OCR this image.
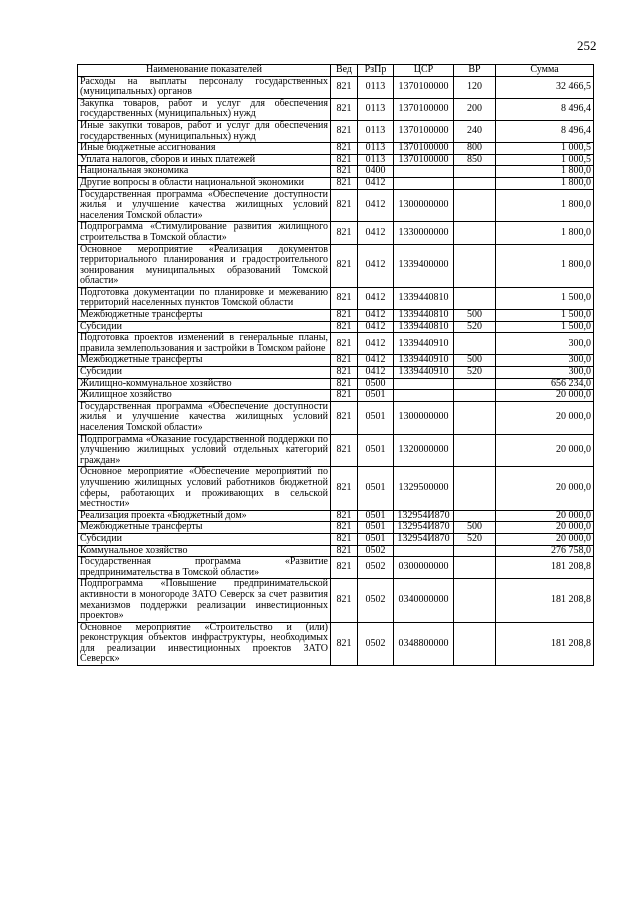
252
Наименование показателей	Вед	РзПр	ЦСР	ВР	Сумма
Расходы на выплаты персоналу государственных (муниципальных) органов	821	0113	1370100000	120	32 466,5
Закупка товаров, работ и услуг для обеспечения государственных (муниципальных) нужд	821	0113	1370100000	200	8 496,4
Иные закупки товаров, работ и услуг для обеспечения государственных (муниципальных) нужд	821	0113	1370100000	240	8 496,4
Иные бюджетные ассигнования	821	0113	1370100000	800	1 000,5
Уплата налогов, сборов и иных платежей	821	0113	1370100000	850	1 000,5
Национальная экономика	821	0400			1 800,0
Другие вопросы в области национальной экономики	821	0412			1 800,0
Государственная программа «Обеспечение доступности жилья и улучшение качества жилищных условий населения Томской области»	821	0412	1300000000		1 800,0
Подпрограмма «Стимулирование развития жилищного строительства в Томской области»	821	0412	1330000000		1 800,0
Основное мероприятие «Реализация документов территориального планирования и градостроительного зонирования муниципальных образований Томской области»	821	0412	1339400000		1 800,0
Подготовка документации по планировке и межеванию территорий населенных пунктов Томской области	821	0412	1339440810		1 500,0
Межбюджетные трансферты	821	0412	1339440810	500	1 500,0
Субсидии	821	0412	1339440810	520	1 500,0
Подготовка проектов изменений в генеральные планы, правила землепользования и застройки в Томском районе	821	0412	1339440910		300,0
Межбюджетные трансферты	821	0412	1339440910	500	300,0
Субсидии	821	0412	1339440910	520	300,0
Жилищно-коммунальное хозяйство	821	0500			656 234,0
Жилищное хозяйство	821	0501			20 000,0
Государственная программа «Обеспечение доступности жилья и улучшение качества жилищных условий населения Томской области»	821	0501	1300000000		20 000,0
Подпрограмма «Оказание государственной поддержки по улучшению жилищных условий отдельных категорий граждан»	821	0501	1320000000		20 000,0
Основное мероприятие «Обеспечение мероприятий по улучшению жилищных условий работников бюджетной сферы, работающих и проживающих в сельской местности»	821	0501	1329500000		20 000,0
Реализация проекта «Бюджетный дом»	821	0501	132954И870		20 000,0
Межбюджетные трансферты	821	0501	132954И870	500	20 000,0
Субсидии	821	0501	132954И870	520	20 000,0
Коммунальное хозяйство	821	0502			276 758,0
Государственная программа «Развитие предпринимательства в Томской области»	821	0502	0300000000		181 208,8
Подпрограмма «Повышение предпринимательской активности в моногороде ЗАТО Северск за счет развития механизмов поддержки реализации инвестиционных проектов»	821	0502	0340000000		181 208,8
Основное мероприятие «Строительство и (или) реконструкция объектов инфраструктуры, необходимых для реализации инвестиционных проектов ЗАТО Северск»	821	0502	0348800000		181 208,8
